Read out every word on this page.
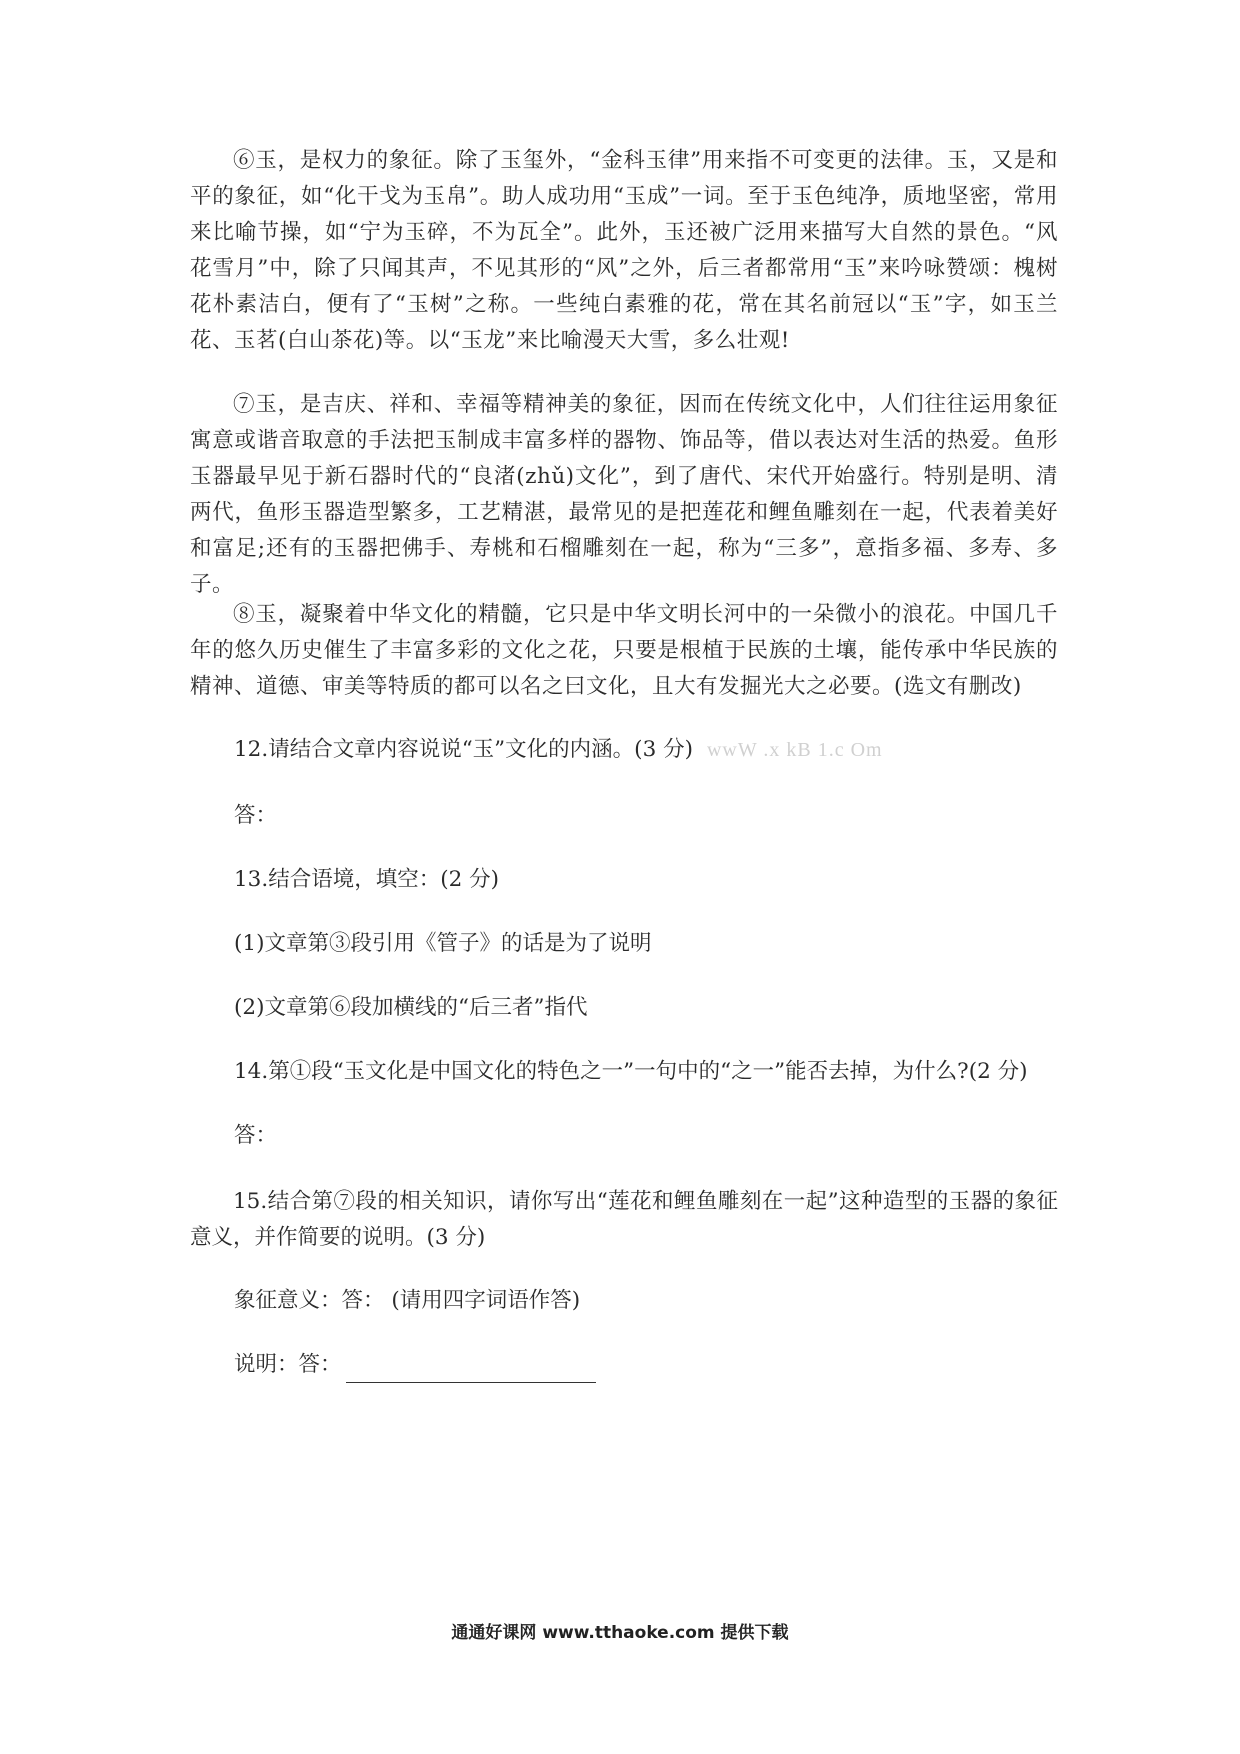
⑥玉，是权力的象征。除了玉玺外，“金科玉律”用来指不可变更的法律。玉，又是和平的象征，如“化干戈为玉帛”。助人成功用“玉成”一词。至于玉色纯净，质地坚密，常用来比喻节操，如“宁为玉碎，不为瓦全”。此外，玉还被广泛用来描写大自然的景色。“风花雪月”中，除了只闻其声，不见其形的“风”之外，后三者都常用“玉”来吟咏赞颂：槐树花朴素洁白，便有了“玉树”之称。一些纯白素雅的花，常在其名前冠以“玉”字，如玉兰花、玉茗(白山茶花)等。以“玉龙”来比喻漫天大雪，多么壮观!

⑦玉，是吉庆、祥和、幸福等精神美的象征，因而在传统文化中，人们往往运用象征寓意或谐音取意的手法把玉制成丰富多样的器物、饰品等，借以表达对生活的热爱。鱼形玉器最早见于新石器时代的“良渚(zhǔ)文化”，到了唐代、宋代开始盛行。特别是明、清两代，鱼形玉器造型繁多，工艺精湛，最常见的是把莲花和鲤鱼雕刻在一起，代表着美好和富足;还有的玉器把佛手、寿桃和石榴雕刻在一起，称为“三多”，意指多福、多寿、多子。

⑧玉，凝聚着中华文化的精髓，它只是中华文明长河中的一朵微小的浪花。中国几千年的悠久历史催生了丰富多彩的文化之花，只要是根植于民族的土壤，能传承中华民族的精神、道德、审美等特质的都可以名之曰文化，且大有发掘光大之必要。(选文有删改)

12.请结合文章内容说说“玉”文化的内涵。(3 分) wwW .x kB 1.c Om
答：
13.结合语境，填空：(2 分)
(1)文章第③段引用《管子》的话是为了说明
(2)文章第⑥段加横线的“后三者”指代
14.第①段“玉文化是中国文化的特色之一”一句中的“之一”能否去掉，为什么?(2 分)
答：

15.结合第⑦段的相关知识，请你写出“莲花和鲤鱼雕刻在一起”这种造型的玉器的象征意义，并作简要的说明。(3 分)

象征意义：答： (请用四字词语作答)
说明：答：
通通好课网 www.tthaoke.com 提供下载
